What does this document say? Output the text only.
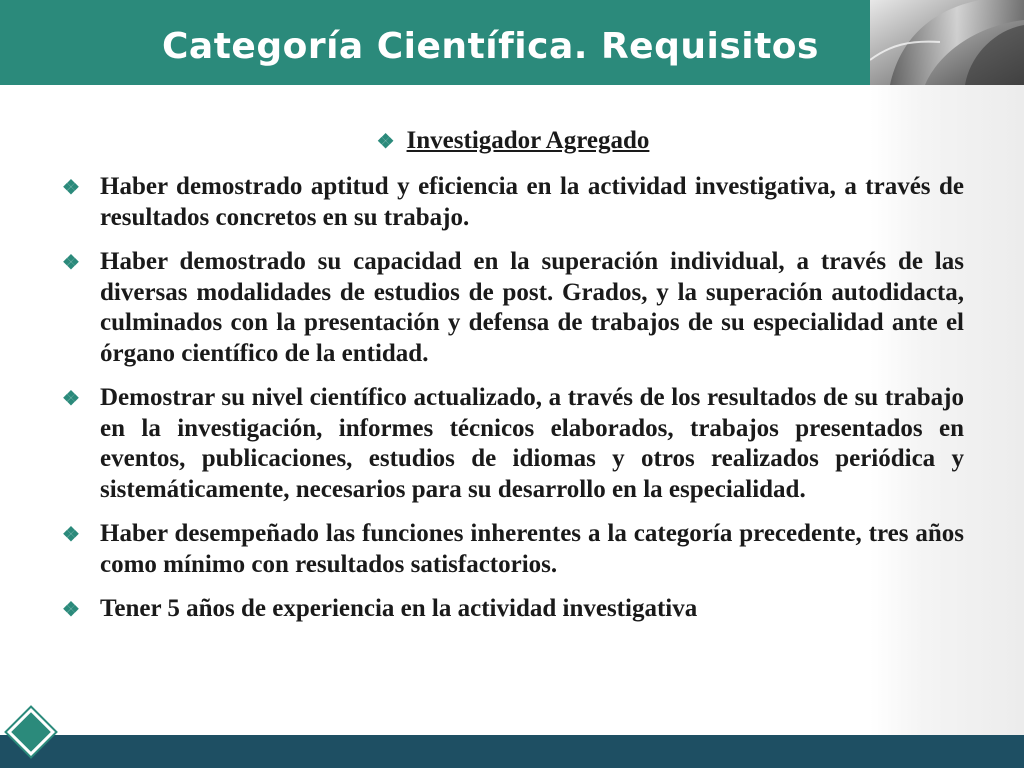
Categoría Científica. Requisitos
❖ Investigador Agregado
❖ Haber demostrado aptitud y eficiencia en la actividad investigativa, a través de resultados concretos en su trabajo.
❖ Haber demostrado su capacidad en la superación individual, a través de las diversas modalidades de estudios de post. Grados, y la superación autodidacta, culminados con la presentación y defensa de trabajos de su especialidad ante el órgano científico de la entidad.
❖ Demostrar su nivel científico actualizado, a través de los resultados de su trabajo en la investigación, informes técnicos elaborados, trabajos presentados en eventos, publicaciones, estudios de idiomas y otros realizados periódica y sistemáticamente, necesarios para su desarrollo en la especialidad.
❖ Haber desempeñado las funciones inherentes a la categoría precedente, tres años como mínimo con resultados satisfactorios.
❖ Tener 5 años de experiencia en la actividad investigativa
